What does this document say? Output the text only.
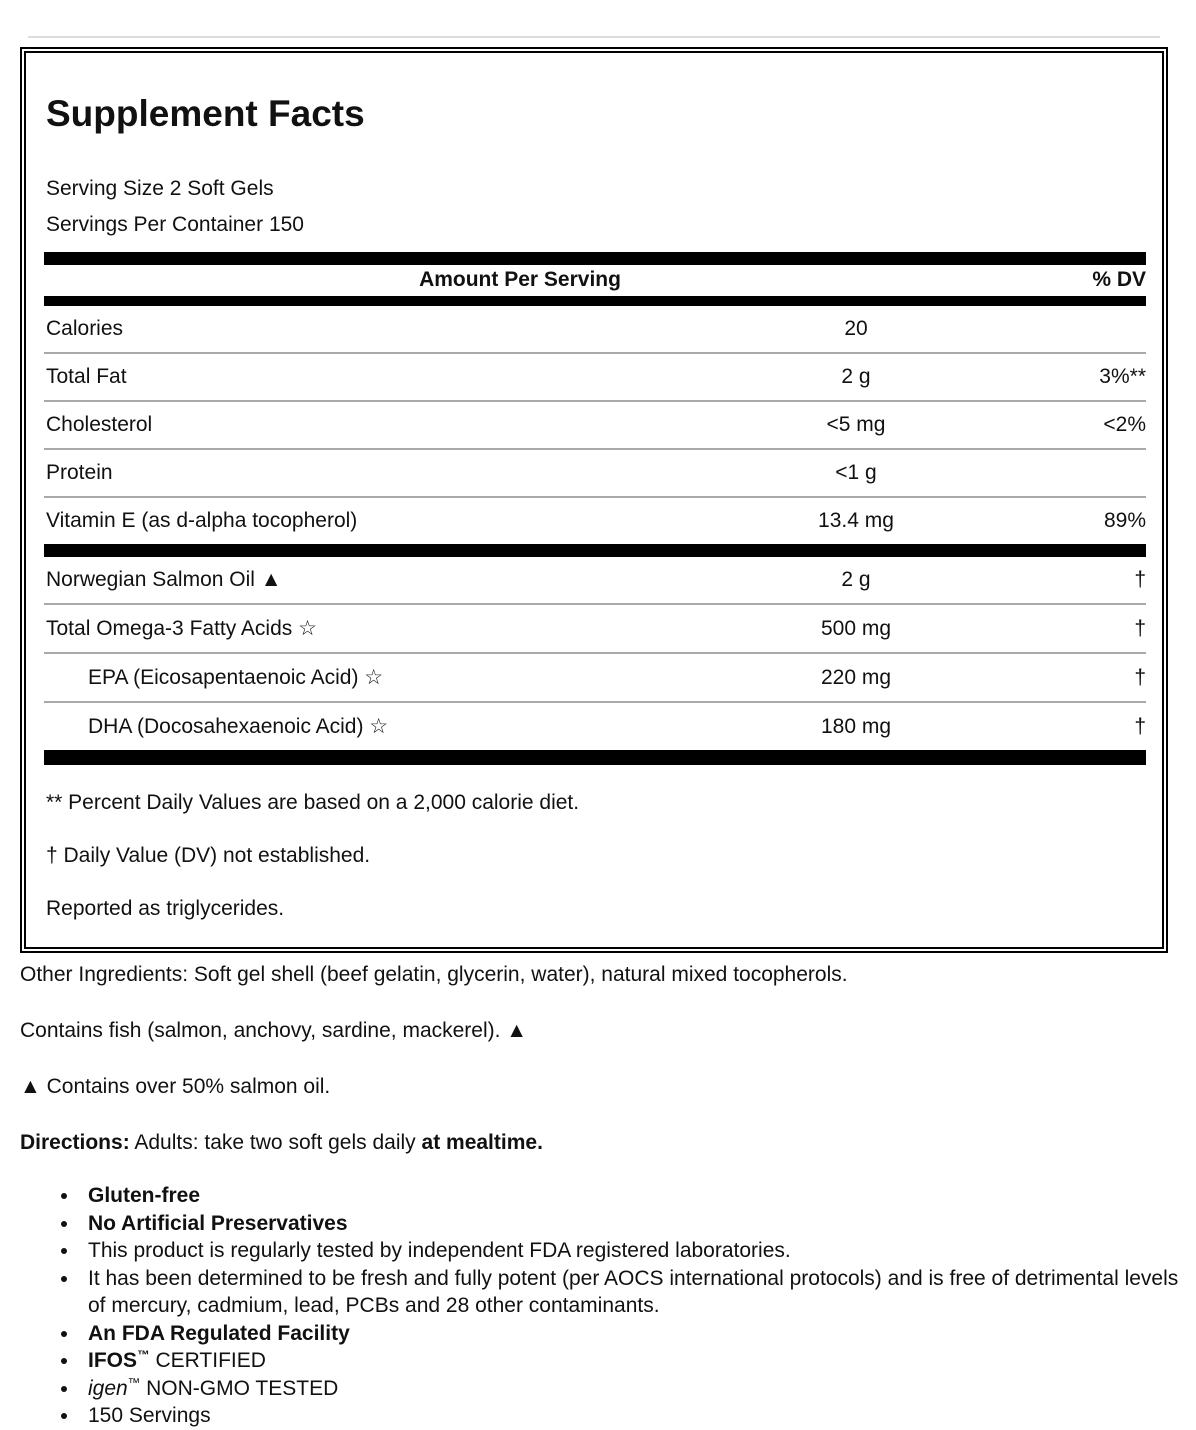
Supplement Facts
Serving Size 2 Soft Gels
Servings Per Container 150
Amount Per Serving	% DV
Calories	20
Total Fat	2 g	3%**
Cholesterol	<5 mg	<2%
Protein	<1 g
Vitamin E (as d-alpha tocopherol)	13.4 mg	89%
Norwegian Salmon Oil ▲	2 g	†
Total Omega-3 Fatty Acids ☆	500 mg	†
EPA (Eicosapentaenoic Acid) ☆	220 mg	†
DHA (Docosahexaenoic Acid) ☆	180 mg	†

** Percent Daily Values are based on a 2,000 calorie diet.

† Daily Value (DV) not established.

Reported as triglycerides.

Other Ingredients: Soft gel shell (beef gelatin, glycerin, water), natural mixed tocopherols.

Contains fish (salmon, anchovy, sardine, mackerel). ▲

▲ Contains over 50% salmon oil.

Directions: Adults: take two soft gels daily at mealtime.

• Gluten-free
• No Artificial Preservatives
• This product is regularly tested by independent FDA registered laboratories.
• It has been determined to be fresh and fully potent (per AOCS international protocols) and is free of detrimental levels of mercury, cadmium, lead, PCBs and 28 other contaminants.
• An FDA Regulated Facility
• IFOS™ CERTIFIED
• igen™ NON-GMO TESTED
• 150 Servings
